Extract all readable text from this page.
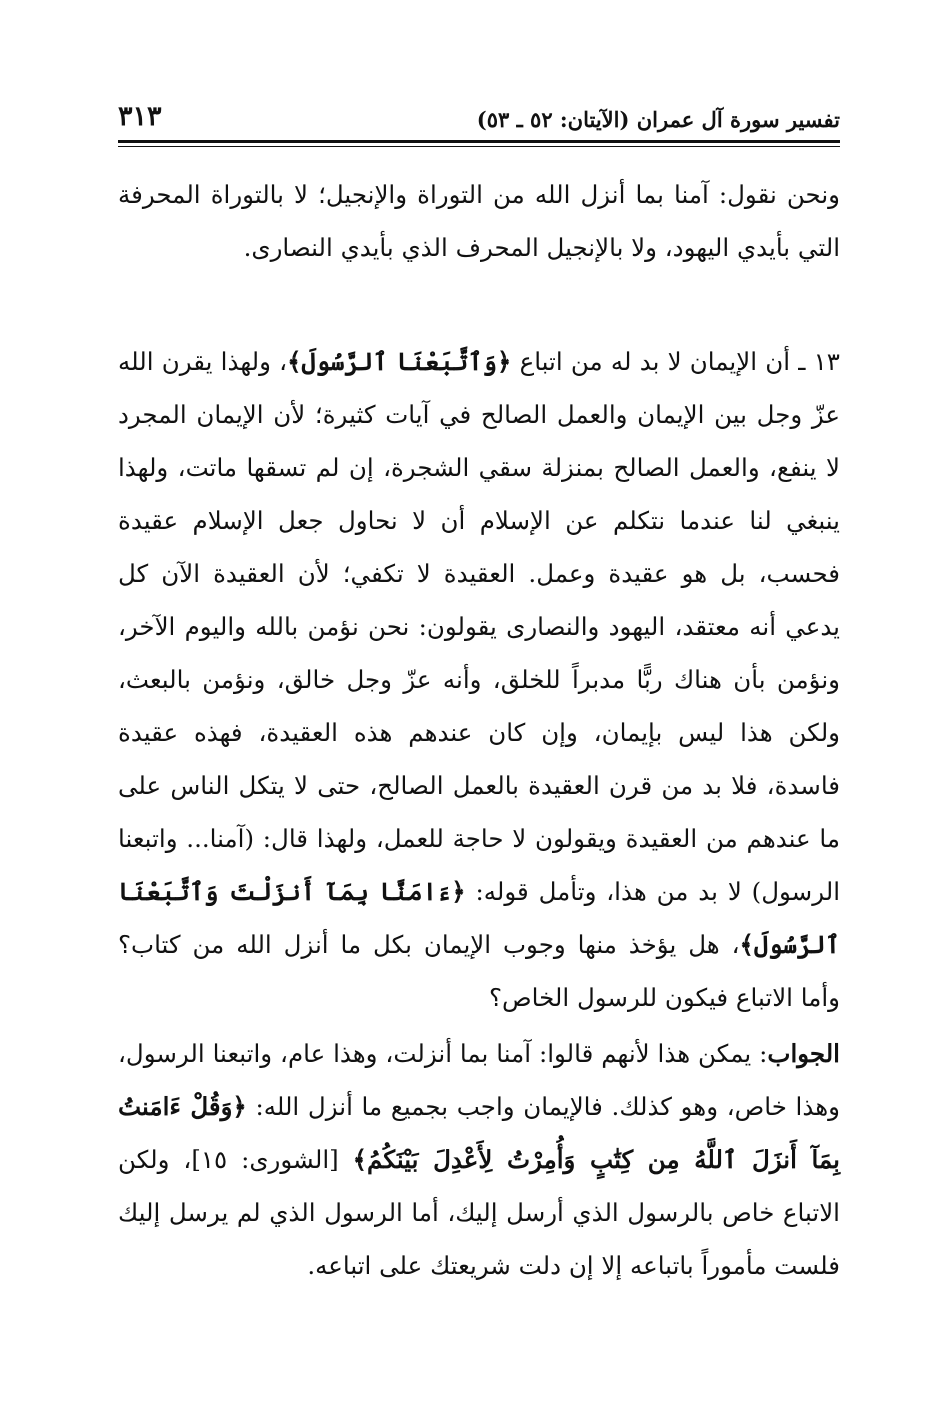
تفسير سورة آل عمران (الآيتان: ٥٢ ـ ٥٣)
٣١٣

ونحن نقول: آمنا بما أنزل الله من التوراة والإنجيل؛ لا بالتوراة المحرفة التي بأيدي اليهود، ولا بالإنجيل المحرف الذي بأيدي النصارى.

١٣ ـ أن الإيمان لا بد له من اتباع ﴿وَٱتَّبَعْنَا ٱلرَّسُولَ﴾، ولهذا يقرن الله عزّ وجل بين الإيمان والعمل الصالح في آيات كثيرة؛ لأن الإيمان المجرد لا ينفع، والعمل الصالح بمنزلة سقي الشجرة، إن لم تسقها ماتت، ولهذا ينبغي لنا عندما نتكلم عن الإسلام أن لا نحاول جعل الإسلام عقيدة فحسب، بل هو عقيدة وعمل. العقيدة لا تكفي؛ لأن العقيدة الآن كل يدعي أنه معتقد، اليهود والنصارى يقولون: نحن نؤمن بالله واليوم الآخر، ونؤمن بأن هناك ربًّا مدبراً للخلق، وأنه عزّ وجل خالق، ونؤمن بالبعث، ولكن هذا ليس بإيمان، وإن كان عندهم هذه العقيدة، فهذه عقيدة فاسدة، فلا بد من قرن العقيدة بالعمل الصالح، حتى لا يتكل الناس على ما عندهم من العقيدة ويقولون لا حاجة للعمل، ولهذا قال: (آمنا... واتبعنا الرسول) لا بد من هذا، وتأمل قوله: ﴿ءَامَنَّا بِمَآ أَنزَلْتَ وَٱتَّبَعْنَا ٱلرَّسُولَ﴾، هل يؤخذ منها وجوب الإيمان بكل ما أنزل الله من كتاب؟ وأما الاتباع فيكون للرسول الخاص؟

الجواب: يمكن هذا لأنهم قالوا: آمنا بما أنزلت، وهذا عام، واتبعنا الرسول، وهذا خاص، وهو كذلك. فالإيمان واجب بجميع ما أنزل الله: ﴿وَقُلْ ءَامَنتُ بِمَآ أَنزَلَ ٱللَّهُ مِن كِتَٰبٍ وَأُمِرْتُ لِأَعْدِلَ بَيْنَكُمُ﴾ [الشورى: ١٥]، ولكن الاتباع خاص بالرسول الذي أرسل إليك، أما الرسول الذي لم يرسل إليك فلست مأموراً باتباعه إلا إن دلت شريعتك على اتباعه.
